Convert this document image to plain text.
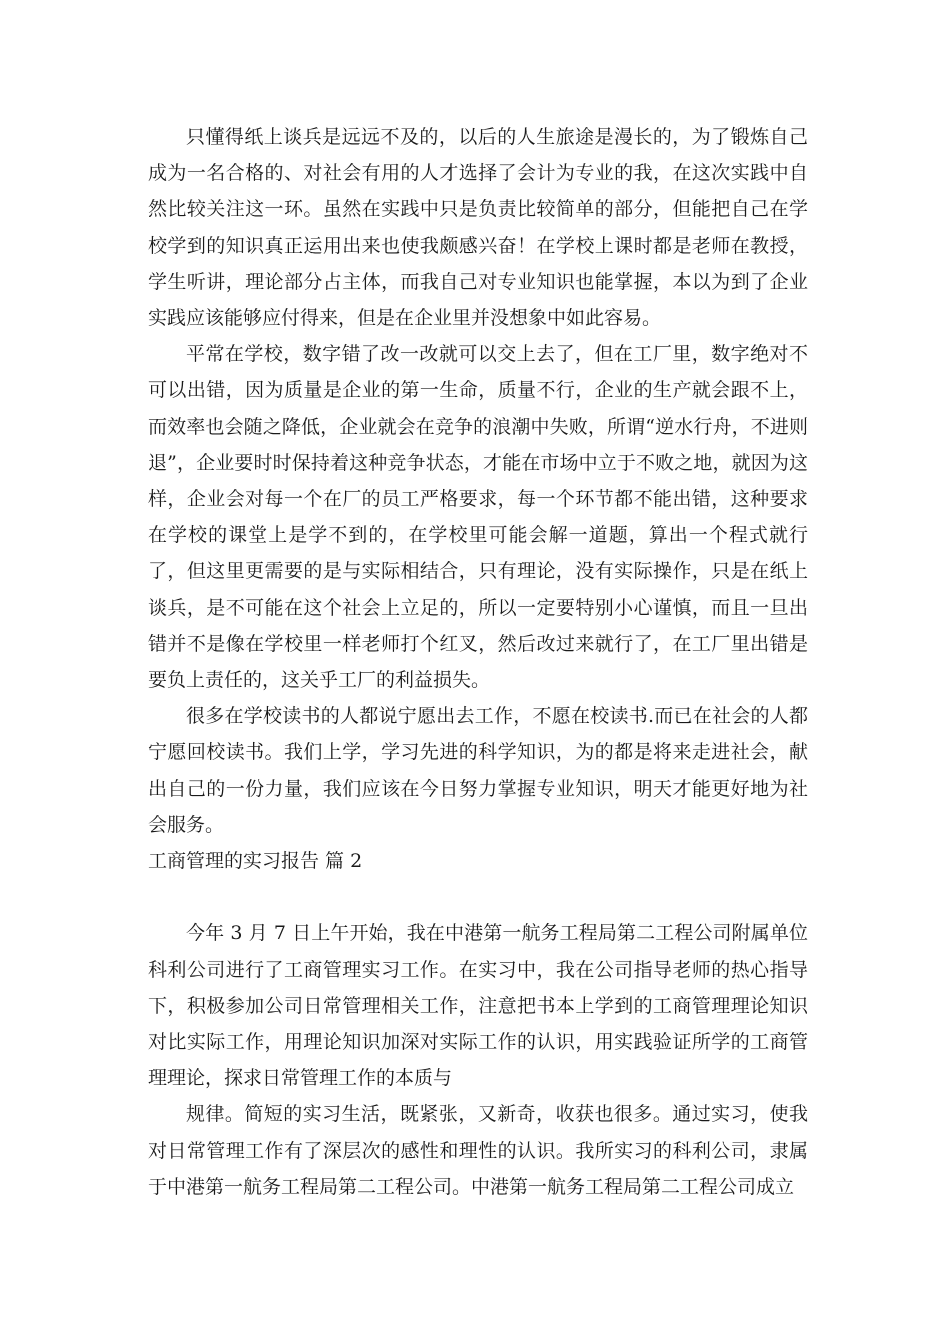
只懂得纸上谈兵是远远不及的，以后的人生旅途是漫长的，为了锻炼自己成为一名合格的、对社会有用的人才选择了会计为专业的我，在这次实践中自然比较关注这一环。虽然在实践中只是负责比较简单的部分，但能把自己在学校学到的知识真正运用出来也使我颇感兴奋！在学校上课时都是老师在教授，学生听讲，理论部分占主体，而我自己对专业知识也能掌握，本以为到了企业实践应该能够应付得来，但是在企业里并没想象中如此容易。

平常在学校，数字错了改一改就可以交上去了，但在工厂里，数字绝对不可以出错，因为质量是企业的第一生命，质量不行，企业的生产就会跟不上，而效率也会随之降低，企业就会在竞争的浪潮中失败，所谓“逆水行舟，不进则退”，企业要时时保持着这种竞争状态，才能在市场中立于不败之地，就因为这样，企业会对每一个在厂的员工严格要求，每一个环节都不能出错，这种要求在学校的课堂上是学不到的，在学校里可能会解一道题，算出一个程式就行了，但这里更需要的是与实际相结合，只有理论，没有实际操作，只是在纸上谈兵，是不可能在这个社会上立足的，所以一定要特别小心谨慎，而且一旦出错并不是像在学校里一样老师打个红叉，然后改过来就行了，在工厂里出错是要负上责任的，这关乎工厂的利益损失。

很多在学校读书的人都说宁愿出去工作，不愿在校读书.而已在社会的人都宁愿回校读书。我们上学，学习先进的科学知识，为的都是将来走进社会，献出自己的一份力量，我们应该在今日努力掌握专业知识，明天才能更好地为社会服务。

工商管理的实习报告 篇 2

今年 3 月 7 日上午开始，我在中港第一航务工程局第二工程公司附属单位科利公司进行了工商管理实习工作。在实习中，我在公司指导老师的热心指导下，积极参加公司日常管理相关工作，注意把书本上学到的工商管理理论知识对比实际工作，用理论知识加深对实际工作的认识，用实践验证所学的工商管理理论，探求日常管理工作的本质与

规律。简短的实习生活，既紧张，又新奇，收获也很多。通过实习，使我对日常管理工作有了深层次的感性和理性的认识。我所实习的科利公司，隶属于中港第一航务工程局第二工程公司。中港第一航务工程局第二工程公司成立
